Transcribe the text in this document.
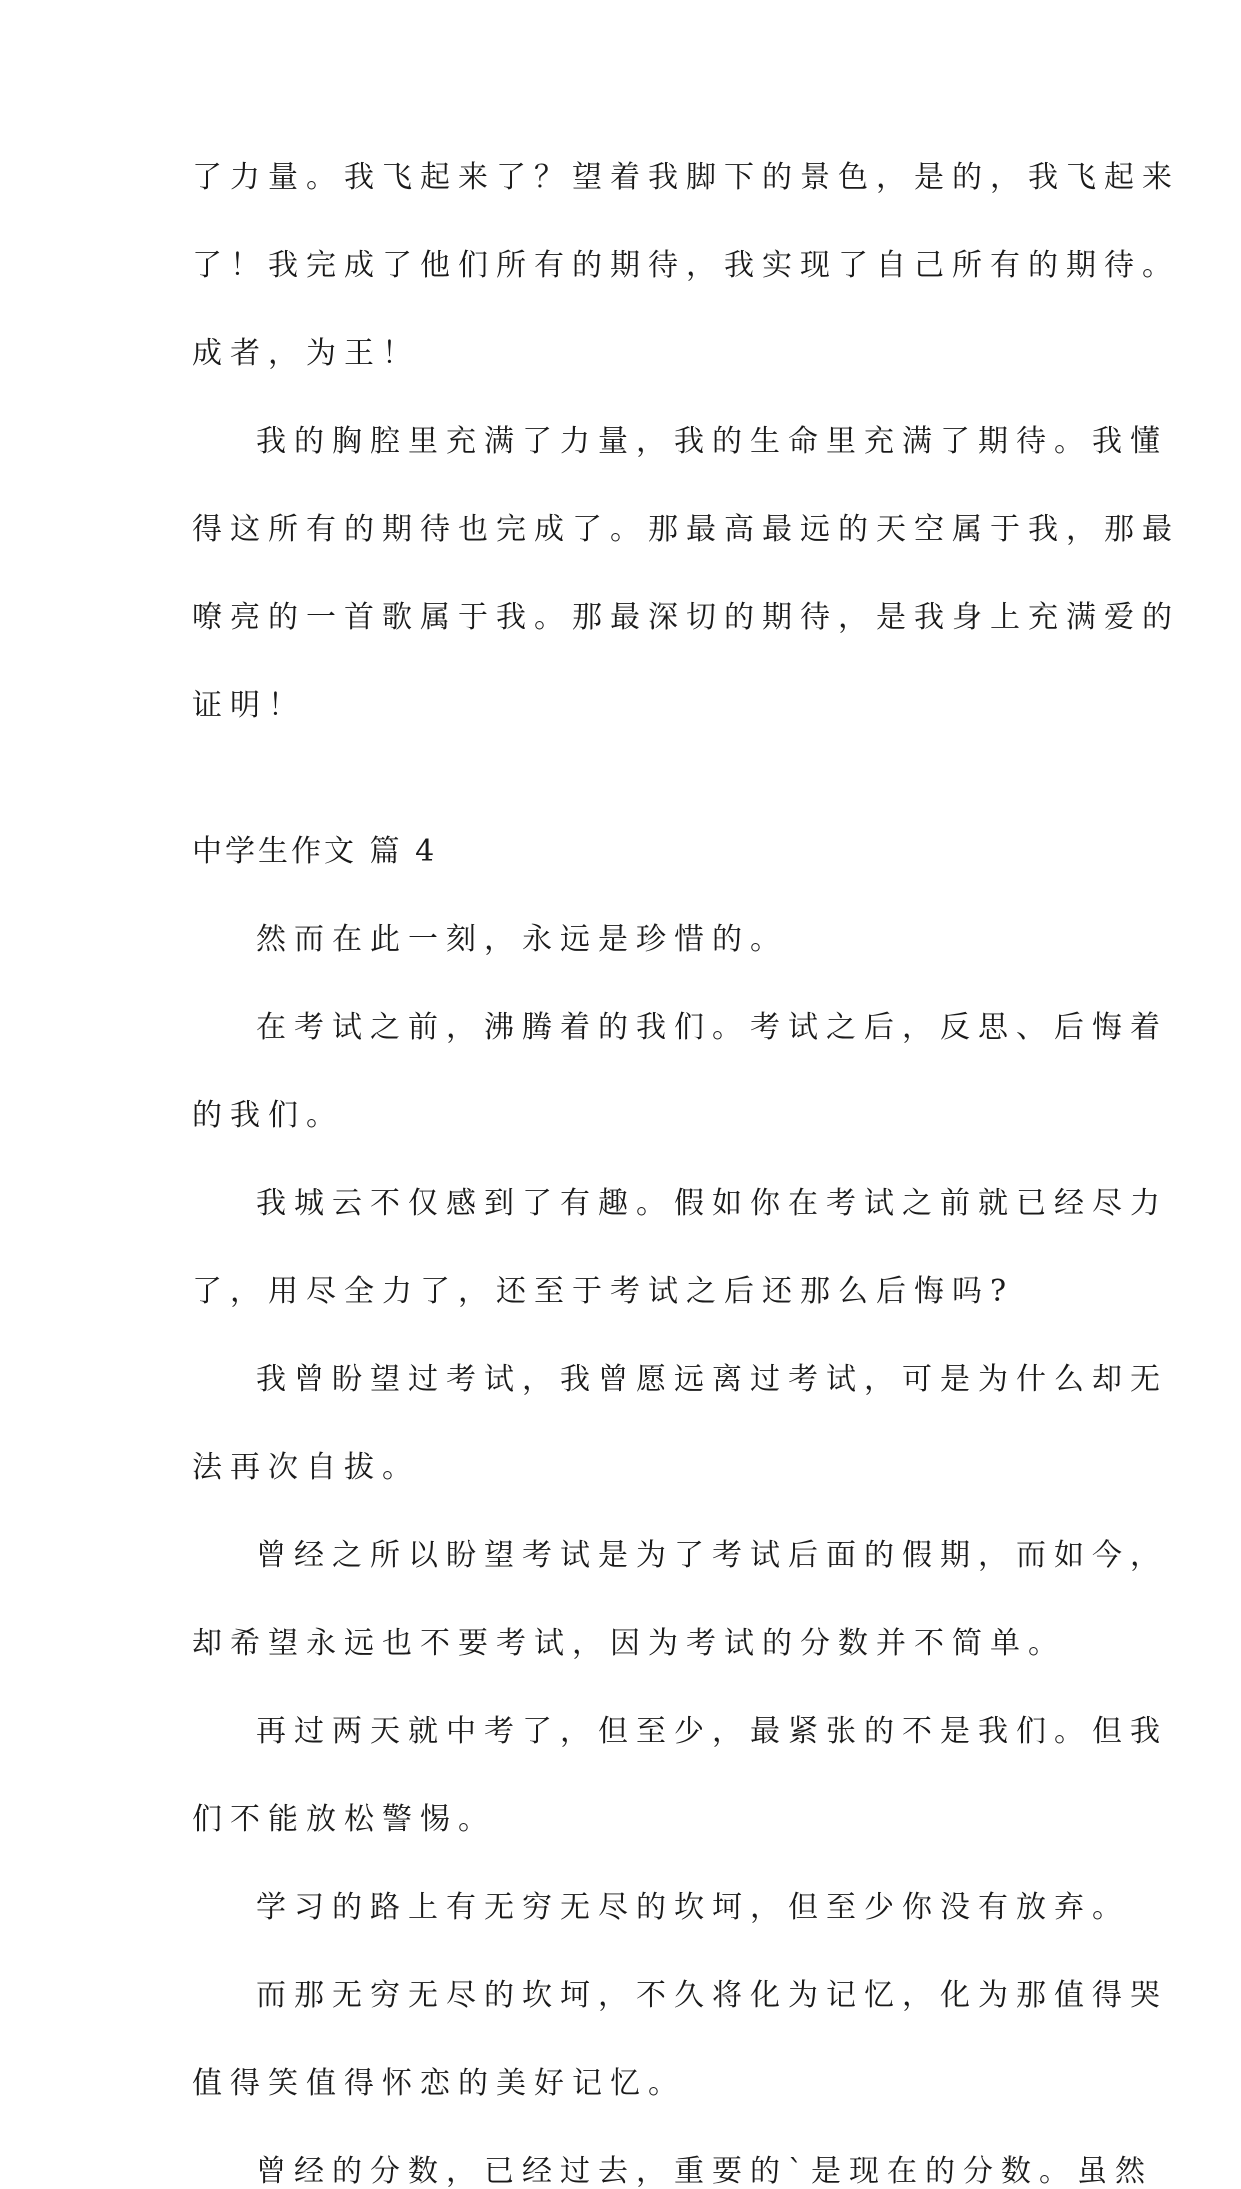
了力量。我飞起来了？望着我脚下的景色，是的，我飞起来

了！我完成了他们所有的期待，我实现了自己所有的期待。

成者，为王！

我的胸腔里充满了力量，我的生命里充满了期待。我懂

得这所有的期待也完成了。那最高最远的天空属于我，那最

嘹亮的一首歌属于我。那最深切的期待，是我身上充满爱的

证明！

中学生作文 篇 4

然而在此一刻，永远是珍惜的。

在考试之前，沸腾着的我们。考试之后，反思、后悔着

的我们。

我城云不仅感到了有趣。假如你在考试之前就已经尽力

了，用尽全力了，还至于考试之后还那么后悔吗?

我曾盼望过考试，我曾愿远离过考试，可是为什么却无

法再次自拔。

曾经之所以盼望考试是为了考试后面的假期，而如今，

却希望永远也不要考试，因为考试的分数并不简单。

再过两天就中考了，但至少，最紧张的不是我们。但我

们不能放松警惕。

学习的路上有无穷无尽的坎坷，但至少你没有放弃。

而那无穷无尽的坎坷，不久将化为记忆，化为那值得哭

值得笑值得怀恋的美好记忆。

曾经的分数，已经过去，重要的`是现在的分数。虽然
